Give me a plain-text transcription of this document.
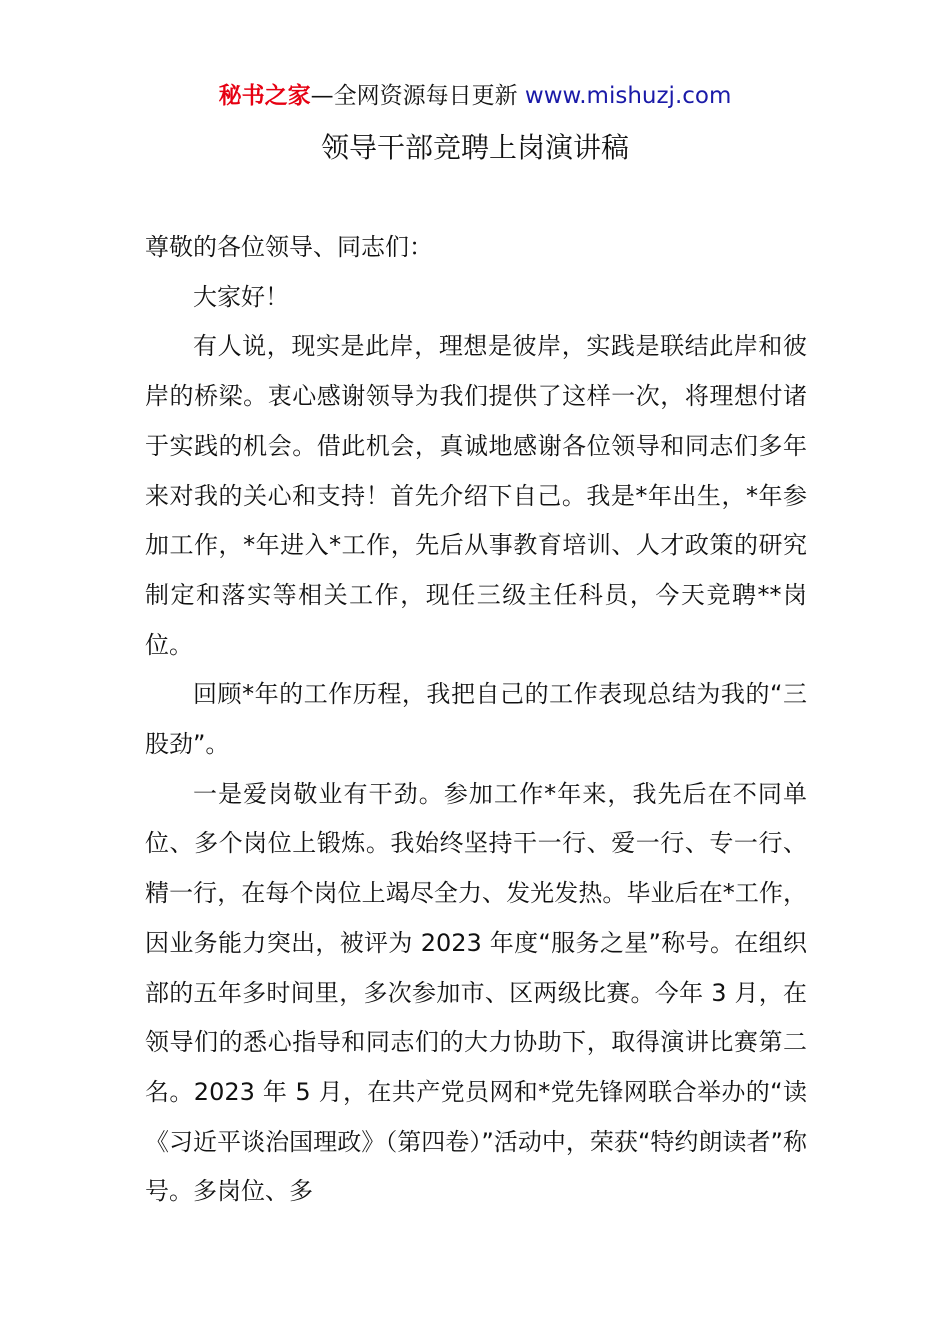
秘书之家—全网资源每日更新 www.mishuzj.com
领导干部竞聘上岗演讲稿

尊敬的各位领导、同志们：

大家好！

有人说，现实是此岸，理想是彼岸，实践是联结此岸和彼岸的桥梁。衷心感谢领导为我们提供了这样一次，将理想付诸于实践的机会。借此机会，真诚地感谢各位领导和同志们多年来对我的关心和支持！首先介绍下自己。我是*年出生，*年参加工作，*年进入*工作，先后从事教育培训、人才政策的研究制定和落实等相关工作，现任三级主任科员，今天竞聘**岗位。

回顾*年的工作历程，我把自己的工作表现总结为我的“三股劲”。

一是爱岗敬业有干劲。参加工作*年来，我先后在不同单位、多个岗位上锻炼。我始终坚持干一行、爱一行、专一行、精一行，在每个岗位上竭尽全力、发光发热。毕业后在*工作，因业务能力突出，被评为 2023 年度“服务之星”称号。在组织部的五年多时间里，多次参加市、区两级比赛。今年 3 月，在领导们的悉心指导和同志们的大力协助下，取得演讲比赛第二名。2023 年 5 月，在共产党员网和*党先锋网联合举办的“读《习近平谈治国理政》（第四卷）”活动中，荣获“特约朗读者”称号。多岗位、多
